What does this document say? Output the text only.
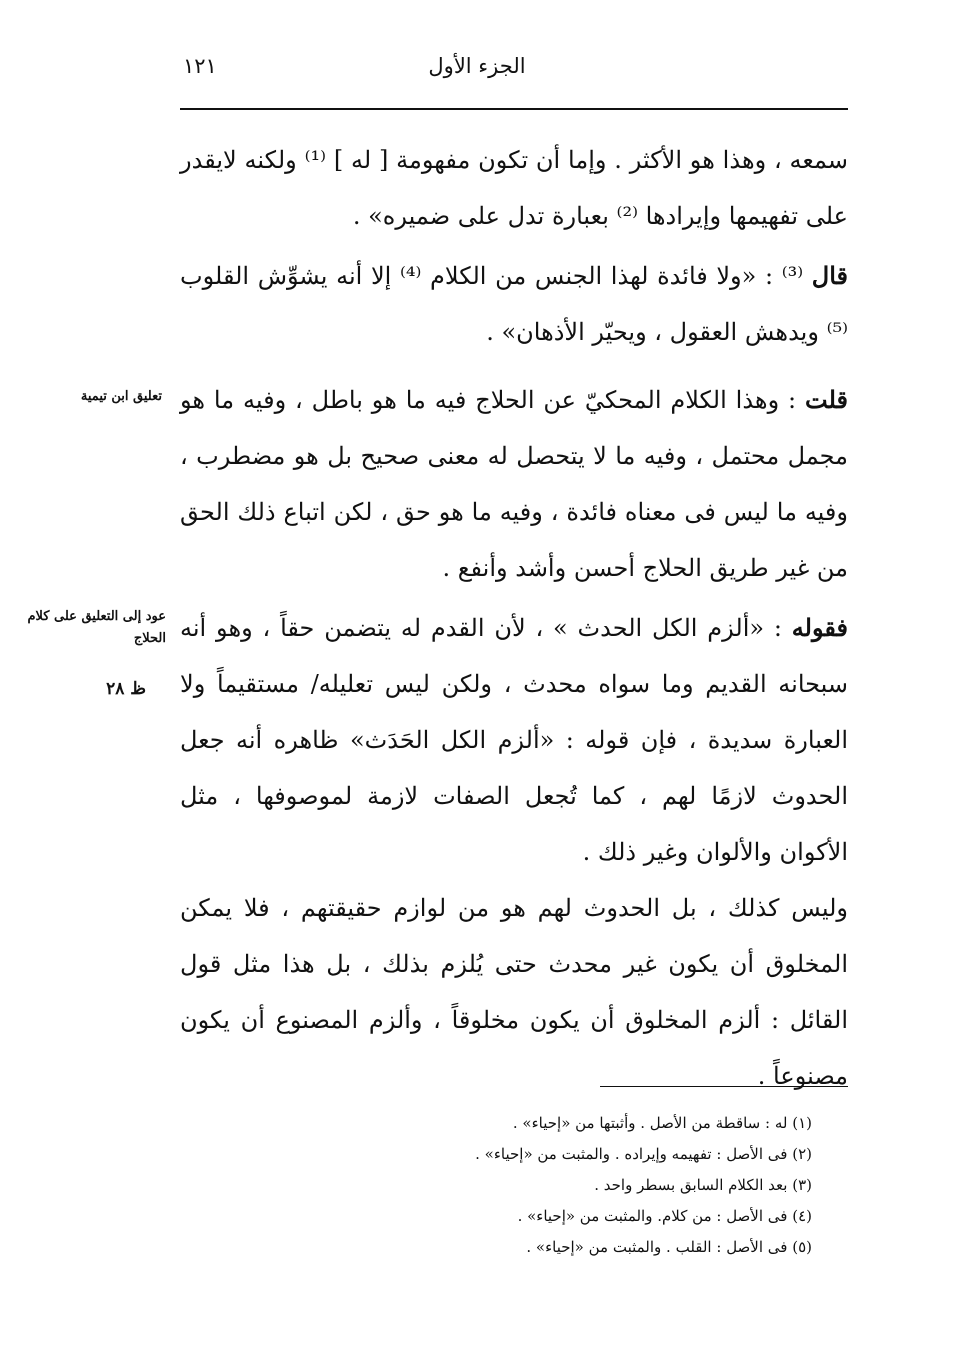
١٢١	الجزء الأول

سمعه ، وهذا هو الأكثر . وإما أن تكون مفهومة [ له ] ⁽¹⁾ ولكنه لايقدر على تفهيمها وإيرادها ⁽²⁾ بعبارة تدل على ضميره» .

قال ⁽³⁾ : «ولا فائدة لهذا الجنس من الكلام ⁽⁴⁾ إلا أنه يشوِّش القلوب ⁽⁵⁾ ويدهش العقول ، ويحيّر الأذهان» .

قلت : وهذا الكلام المحكيّ عن الحلاج فيه ما هو باطل ، وفيه ما هو مجمل محتمل ، وفيه ما لا يتحصل له معنى صحيح بل هو مضطرب ، وفيه ما ليس فى معناه فائدة ، وفيه ما هو حق ، لكن اتباع ذلك الحق من غير طريق الحلاج أحسن وأشد وأنفع .

فقوله : «ألزم الكل الحدث » ، لأن القدم له يتضمن حقاً ، وهو أنه سبحانه القديم وما سواه محدث ، ولكن ليس تعليله/ مستقيماً ولا العبارة سديدة ، فإن قوله : «ألزم الكل الحَدَث» ظاهره أنه جعل الحدوث لازمًا لهم ، كما تُجعل الصفات لازمة لموصوفها ، مثل الأكوان والألوان وغير ذلك .

وليس كذلك ، بل الحدوث لهم هو من لوازم حقيقتهم ، فلا يمكن المخلوق أن يكون غير محدث حتى يُلزم بذلك ، بل هذا مثل قول القائل : ألزم المخلوق أن يكون مخلوقاً ، وألزم المصنوع أن يكون مصنوعاً .

تعليق ابن تيمية
عود إلى التعليق على كلام الحلاج
ظ ٢٨
(١) له : ساقطة من الأصل . وأثبتها من «إحياء» .
(٢) فى الأصل : تفهيمه وإيراده . والمثبت من «إحياء» .
(٣) بعد الكلام السابق بسطر واحد .
(٤) فى الأصل : من كلام. والمثبت من «إحياء» .
(٥) فى الأصل : القلب . والمثبت من «إحياء» .
